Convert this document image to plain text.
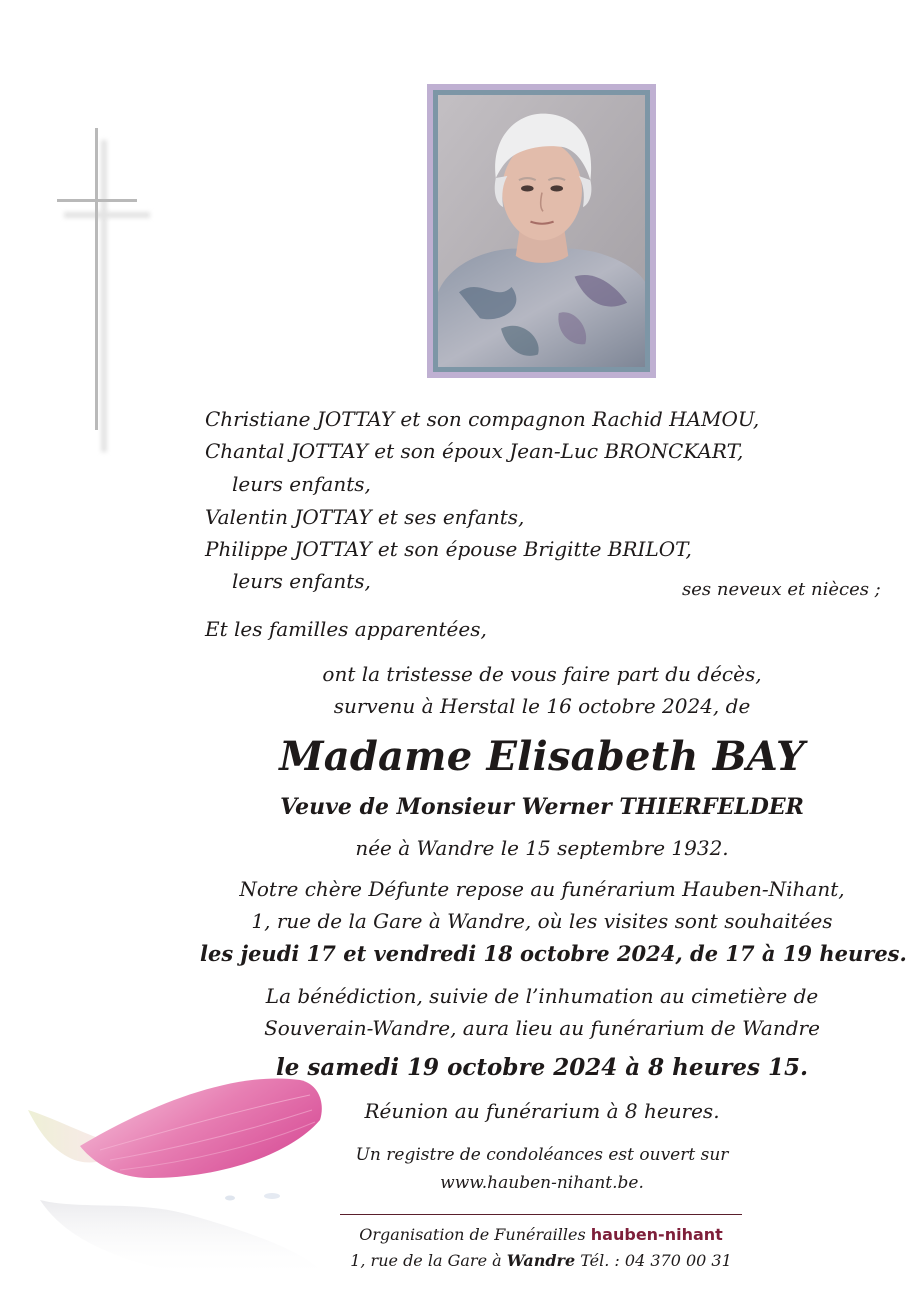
Christiane JOTTAY et son compagnon Rachid HAMOU,
Chantal JOTTAY et son époux Jean-Luc BRONCKART,
leurs enfants,
Valentin JOTTAY et ses enfants,
Philippe JOTTAY et son épouse Brigitte BRILOT,
leurs enfants,	ses neveux et nièces ;
Et les familles apparentées,
ont la tristesse de vous faire part du décès,
survenu à Herstal le 16 octobre 2024, de
Madame Elisabeth BAY
Veuve de Monsieur Werner THIERFELDER
née à Wandre le 15 septembre 1932.
Notre chère Défunte repose au funérarium Hauben-Nihant,
1, rue de la Gare à Wandre, où les visites sont souhaitées
les jeudi 17 et vendredi 18 octobre 2024, de 17 à 19 heures.
La bénédiction, suivie de l’inhumation au cimetière de
Souverain-Wandre, aura lieu au funérarium de Wandre
le samedi 19 octobre 2024 à 8 heures 15.
Réunion au funérarium à 8 heures.
Un registre de condoléances est ouvert sur
www.hauben-nihant.be.
Organisation de Funérailles hauben-nihant
1, rue de la Gare à Wandre Tél. : 04 370 00 31
